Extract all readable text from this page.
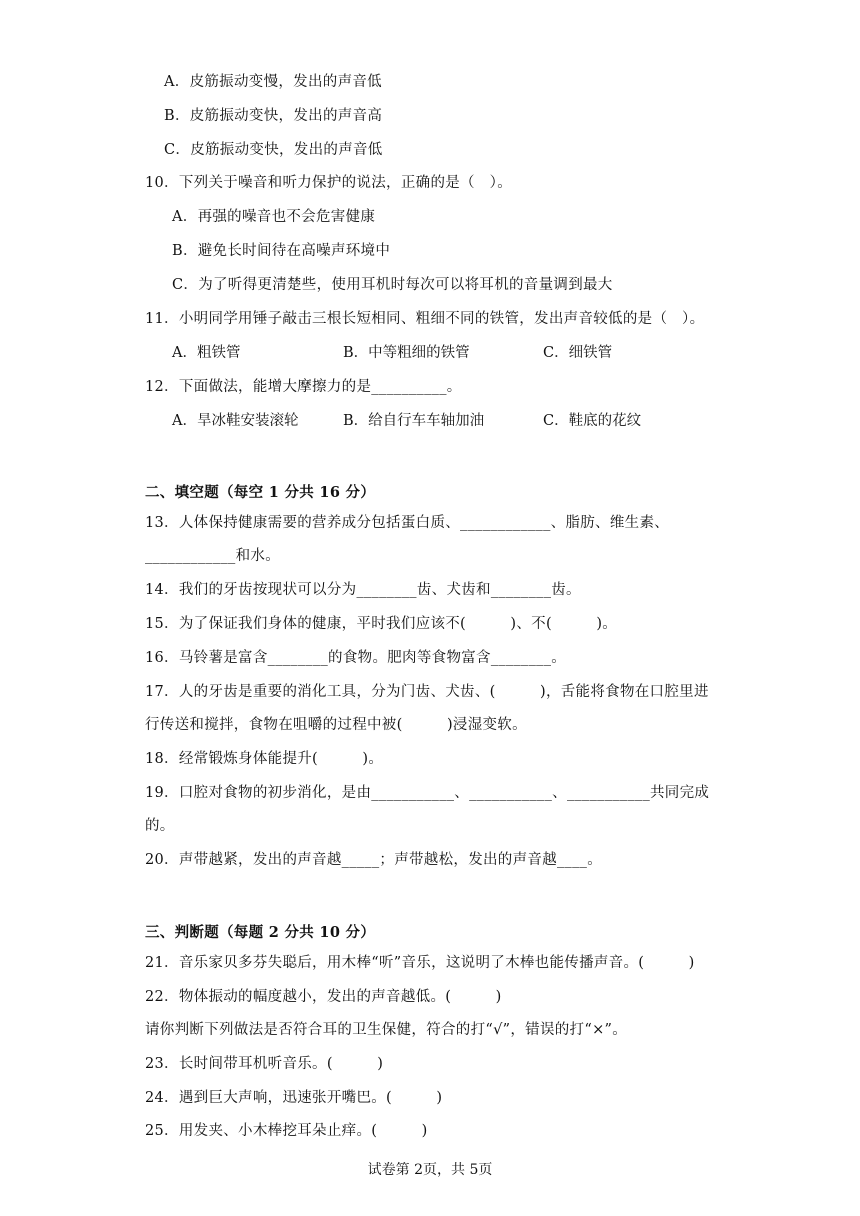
A．皮筋振动变慢，发出的声音低
B．皮筋振动变快，发出的声音高
C．皮筋振动变快，发出的声音低
10．下列关于噪音和听力保护的说法，正确的是（　）。
A．再强的噪音也不会危害健康
B．避免长时间待在高噪声环境中
C．为了听得更清楚些，使用耳机时每次可以将耳机的音量调到最大
11．小明同学用锤子敲击三根长短相同、粗细不同的铁管，发出声音较低的是（　）。
A．粗铁管	B．中等粗细的铁管	C．细铁管
12．下面做法，能增大摩擦力的是__________。
A．旱冰鞋安装滚轮	B．给自行车车轴加油	C．鞋底的花纹
二、填空题（每空 1 分共 16 分）
13．人体保持健康需要的营养成分包括蛋白质、____________、脂肪、维生素、
____________和水。
14．我们的牙齿按现状可以分为________齿、犬齿和________齿。
15．为了保证我们身体的健康，平时我们应该不(　　　)、不(　　　)。
16．马铃薯是富含________的食物。肥肉等食物富含________。
17．人的牙齿是重要的消化工具，分为门齿、犬齿、(　　　)，舌能将食物在口腔里进
行传送和搅拌，食物在咀嚼的过程中被(　　　)浸湿变软。
18．经常锻炼身体能提升(　　　)。
19．口腔对食物的初步消化，是由___________、___________、___________共同完成
的。
20．声带越紧，发出的声音越_____；声带越松，发出的声音越____。
三、判断题（每题 2 分共 10 分）
21．音乐家贝多芬失聪后，用木棒“听”音乐，这说明了木棒也能传播声音。(　　　)
22．物体振动的幅度越小，发出的声音越低。(　　　)
请你判断下列做法是否符合耳的卫生保健，符合的打“√”，错误的打“×”。
23．长时间带耳机听音乐。(　　　)
24．遇到巨大声响，迅速张开嘴巴。(　　　)
25．用发夹、小木棒挖耳朵止痒。(　　　)
试卷第 2页，共 5页
